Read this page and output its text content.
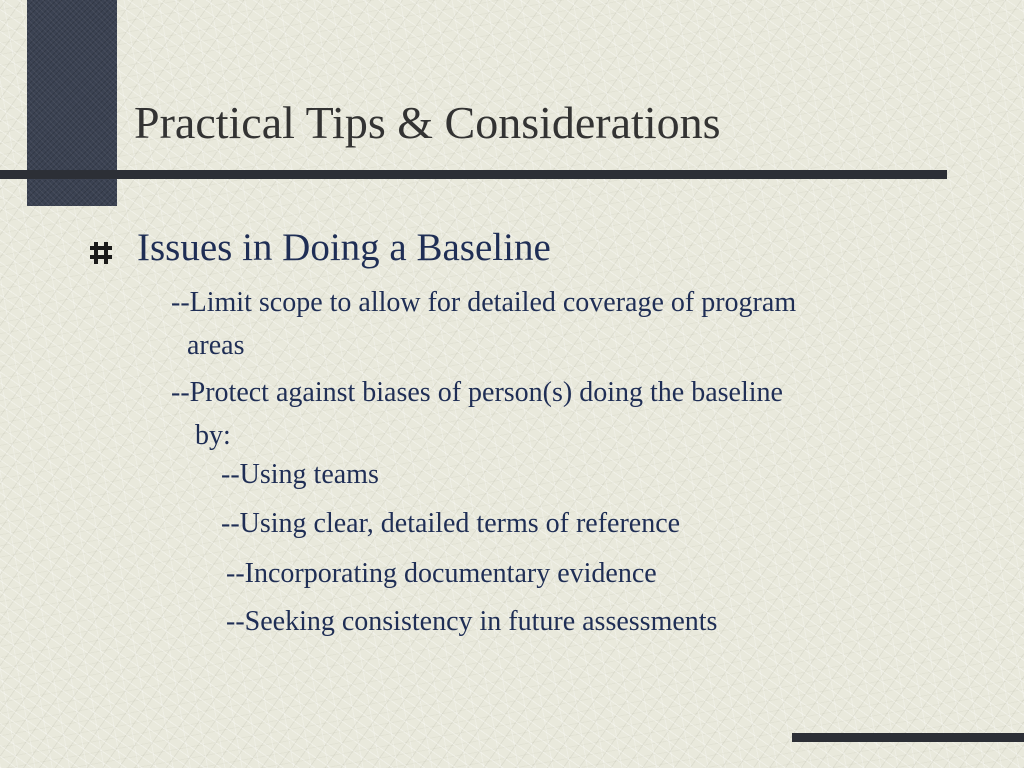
Practical Tips & Considerations
Issues in Doing a Baseline
--Limit scope to allow for detailed coverage of program
areas
--Protect against biases of person(s) doing the baseline
by:
--Using teams
--Using clear, detailed terms of reference
--Incorporating documentary evidence
--Seeking consistency in future assessments
